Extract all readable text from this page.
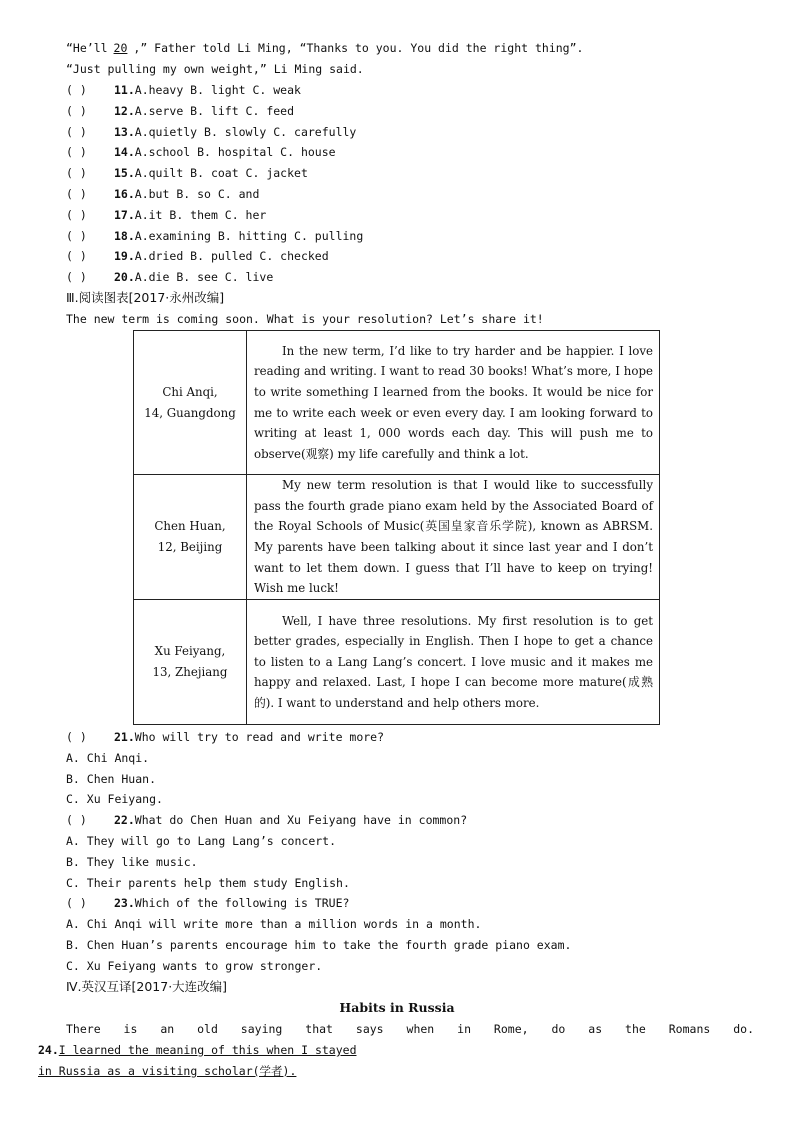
“He’ll 20 ,” Father told Li Ming, “Thanks to you. You did the right thing”.
“Just pulling my own weight,” Li Ming said.
( ) 11.A.heavy B. light C. weak
( ) 12.A.serve B. lift C. feed
( ) 13.A.quietly B. slowly C. carefully
( ) 14.A.school B. hospital C. house
( ) 15.A.quilt B. coat C. jacket
( ) 16.A.but B. so C. and
( ) 17.A.it B. them C. her
( ) 18.A.examining B. hitting C. pulling
( ) 19.A.dried B. pulled C. checked
( ) 20.A.die B. see C. live
Ⅲ.阅读图表[2017·永州改编]
The new term is coming soon. What is your resolution? Let’s share it!
Chi Anqi,
14, Guangdong	In the new term, I’d like to try harder and be happier. I love reading and writing. I want to read 30 books! What’s more, I hope to write something I learned from the books. It would be nice for me to write each week or even every day. I am looking forward to writing at least 1, 000 words each day. This will push me to observe(观察) my life carefully and think a lot.

Chen Huan,
12, Beijing	My new term resolution is that I would like to successfully pass the fourth grade piano exam held by the Associated Board of the Royal Schools of Music(英国皇家音乐学院), known as ABRSM. My parents have been talking about it since last year and I don’t want to let them down. I guess that I’ll have to keep on trying! Wish me luck!

Xu Feiyang,
13, Zhejiang	Well, I have three resolutions. My first resolution is to get better grades, especially in English. Then I hope to get a chance to listen to a Lang Lang’s concert. I love music and it makes me happy and relaxed. Last, I hope I can become more mature(成熟的). I want to understand and help others more.
( ) 21.Who will try to read and write more?
A. Chi Anqi.
B. Chen Huan.
C. Xu Feiyang.
( ) 22.What do Chen Huan and Xu Feiyang have in common?
A. They will go to Lang Lang’s concert.
B. They like music.
C. Their parents help them study English.
( ) 23.Which of the following is TRUE?
A. Chi Anqi will write more than a million words in a month.
B. Chen Huan’s parents encourage him to take the fourth grade piano exam.
C. Xu Feiyang wants to grow stronger.
Ⅳ.英汉互译[2017·大连改编]
Habits in Russia
There is an old saying that says when in Rome, do as the Romans do.
24.I learned the meaning of this when I stayed
in Russia as a visiting scholar(学者).
